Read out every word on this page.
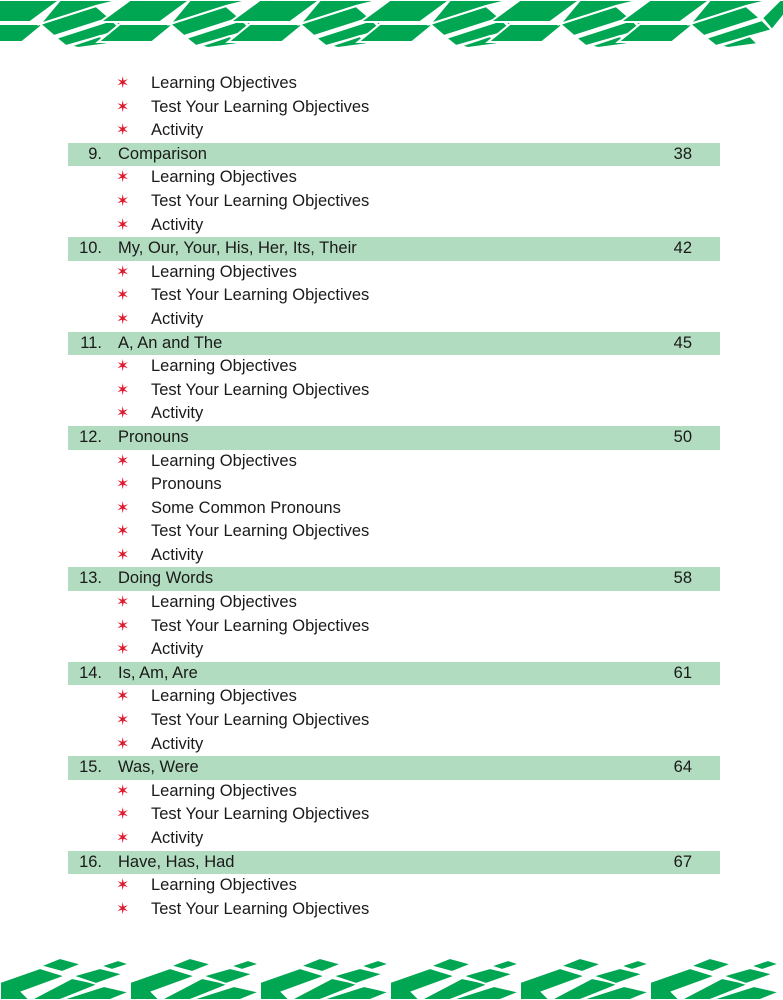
✶ Learning Objectives
✶ Test Your Learning Objectives
✶ Activity
9. Comparison	38
✶ Learning Objectives
✶ Test Your Learning Objectives
✶ Activity
10. My, Our, Your, His, Her, Its, Their	42
✶ Learning Objectives
✶ Test Your Learning Objectives
✶ Activity
11. A, An and The	45
✶ Learning Objectives
✶ Test Your Learning Objectives
✶ Activity
12. Pronouns	50
✶ Learning Objectives
✶ Pronouns
✶ Some Common Pronouns
✶ Test Your Learning Objectives
✶ Activity
13. Doing Words	58
✶ Learning Objectives
✶ Test Your Learning Objectives
✶ Activity
14. Is, Am, Are	61
✶ Learning Objectives
✶ Test Your Learning Objectives
✶ Activity
15. Was, Were	64
✶ Learning Objectives
✶ Test Your Learning Objectives
✶ Activity
16. Have, Has, Had	67
✶ Learning Objectives
✶ Test Your Learning Objectives
